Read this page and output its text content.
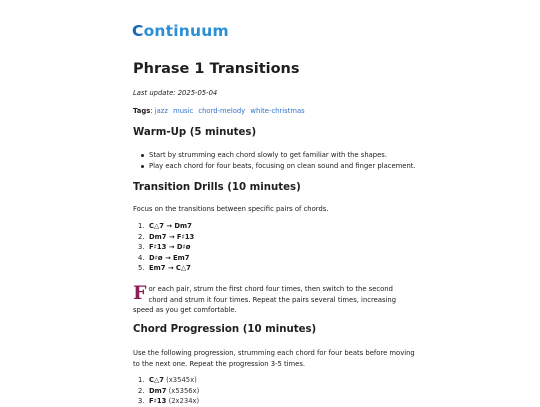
Continuum
Phrase 1 Transitions
Last update: 2025-05-04
Tags: jazz music chord-melody white-christmas
Warm-Up (5 minutes)
Start by strumming each chord slowly to get familiar with the shapes.
Play each chord for four beats, focusing on clean sound and finger placement.
Transition Drills (10 minutes)
Focus on the transitions between specific pairs of chords.
1. C△7 → Dm7
2. Dm7 → F♯13
3. F♯13 → D♯ø
4. D♯ø → Em7
5. Em7 → C△7
For each pair, strum the first chord four times, then switch to the second chord and strum it four times. Repeat the pairs several times, increasing speed as you get comfortable.
Chord Progression (10 minutes)
Use the following progression, strumming each chord for four beats before moving to the next one. Repeat the progression 3-5 times.
1. C△7 (x3545x)
2. Dm7 (x5356x)
3. F♯13 (2x234x)
